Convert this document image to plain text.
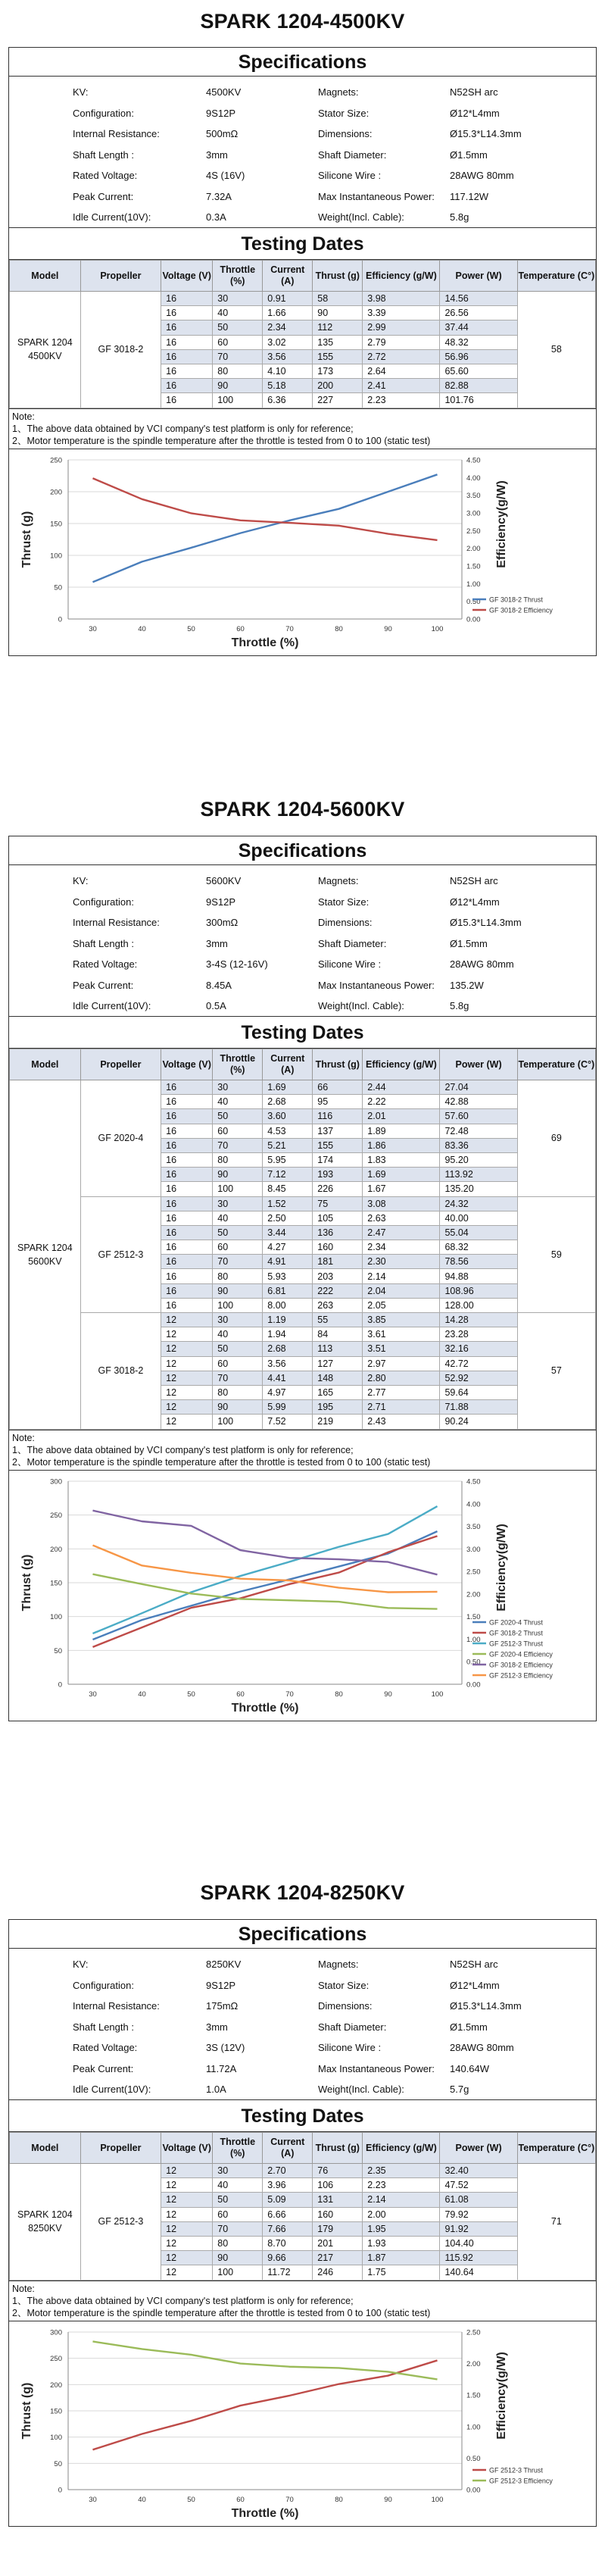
SPARK 1204-4500KV
Specifications
KV:	4500KV	Magnets:	N52SH arc
Configuration:	9S12P	Stator Size:	Ø12*L4mm
Internal Resistance:	500mΩ	Dimensions:	Ø15.3*L14.3mm
Shaft Length :	3mm	Shaft Diameter:	Ø1.5mm
Rated Voltage:	4S (16V)	Silicone Wire :	28AWG 80mm
Peak Current:	7.32A	Max Instantaneous Power: 117.12W
Idle Current(10V):	0.3A	Weight(Incl. Cable):	5.8g
Testing Dates
Model	Propeller	Voltage (V)	Throttle (%)	Current (A)	Thrust (g)	Efficiency (g/W)	Power (W)	Temperature (C°)
SPARK 1204 4500KV	GF 3018-2	16	30	0.91	58	3.98	14.56	58
		16	40	1.66	90	3.39	26.56	
		16	50	2.34	112	2.99	37.44	
		16	60	3.02	135	2.79	48.32	
		16	70	3.56	155	2.72	56.96	
		16	80	4.10	173	2.64	65.60	
		16	90	5.18	200	2.41	82.88	
		16	100	6.36	227	2.23	101.76	
Note:
1、The above data obtained by VCI company's test platform is only for reference;
2、Motor temperature is the spindle temperature after the throttle is tested from 0 to 100 (static test)
0
50
100
150
200
250
0.00
0.50
1.00
1.50
2.00
2.50
3.00
3.50
4.00
4.50
30	40	50	60	70	80	90	100
Throttle (%)
Thrust (g)	Efficiency(g/W)
GF 3018-2 Thrust
GF 3018-2 Efficiency
SPARK 1204-5600KV
Specifications
KV:	5600KV	Magnets:	N52SH arc
Configuration:	9S12P	Stator Size:	Ø12*L4mm
Internal Resistance:	300mΩ	Dimensions:	Ø15.3*L14.3mm
Shaft Length :	3mm	Shaft Diameter:	Ø1.5mm
Rated Voltage:	3-4S (12-16V)	Silicone Wire :	28AWG 80mm
Peak Current:	8.45A	Max Instantaneous Power: 135.2W
Idle Current(10V):	0.5A	Weight(Incl. Cable):	5.8g
Testing Dates
Model	Propeller	Voltage (V)	Throttle (%)	Current (A)	Thrust (g)	Efficiency (g/W)	Power (W)	Temperature (C°)
SPARK 1204 5600KV	GF 2020-4	16	30	1.69	66	2.44	27.04	69
		16	40	2.68	95	2.22	42.88	
		16	50	3.60	116	2.01	57.60	
		16	60	4.53	137	1.89	72.48	
		16	70	5.21	155	1.86	83.36	
		16	80	5.95	174	1.83	95.20	
		16	90	7.12	193	1.69	113.92	
		16	100	8.45	226	1.67	135.20	
	GF 2512-3	16	30	1.52	75	3.08	24.32	59
		16	40	2.50	105	2.63	40.00	
		16	50	3.44	136	2.47	55.04	
		16	60	4.27	160	2.34	68.32	
		16	70	4.91	181	2.30	78.56	
		16	80	5.93	203	2.14	94.88	
		16	90	6.81	222	2.04	108.96	
		16	100	8.00	263	2.05	128.00	
	GF 3018-2	12	30	1.19	55	3.85	14.28	57
		12	40	1.94	84	3.61	23.28	
		12	50	2.68	113	3.51	32.16	
		12	60	3.56	127	2.97	42.72	
		12	70	4.41	148	2.80	52.92	
		12	80	4.97	165	2.77	59.64	
		12	90	5.99	195	2.71	71.88	
		12	100	7.52	219	2.43	90.24	
Note:
1、The above data obtained by VCI company's test platform is only for reference;
2、Motor temperature is the spindle temperature after the throttle is tested from 0 to 100 (static test)
0
50
100
150
200
250
300
0.00
0.50
1.00
1.50
2.00
2.50
3.00
3.50
4.00
4.50
30	40	50	60	70	80	90	100
Throttle (%)
Thrust (g)	Efficiency(g/W)
GF 2020-4 Thrust
GF 3018-2 Thrust
GF 2512-3 Thrust
GF 2020-4 Efficiency
GF 3018-2 Efficiency
GF 2512-3 Efficiency
SPARK 1204-8250KV
Specifications
KV:	8250KV	Magnets:	N52SH arc
Configuration:	9S12P	Stator Size:	Ø12*L4mm
Internal Resistance:	175mΩ	Dimensions:	Ø15.3*L14.3mm
Shaft Length :	3mm	Shaft Diameter:	Ø1.5mm
Rated Voltage:	3S (12V)	Silicone Wire :	28AWG 80mm
Peak Current:	11.72A	Max Instantaneous Power: 140.64W
Idle Current(10V):	1.0A	Weight(Incl. Cable):	5.7g
Testing Dates
Model	Propeller	Voltage (V)	Throttle (%)	Current (A)	Thrust (g)	Efficiency (g/W)	Power (W)	Temperature (C°)
SPARK 1204 8250KV	GF 2512-3	12	30	2.70	76	2.35	32.40	71
		12	40	3.96	106	2.23	47.52	
		12	50	5.09	131	2.14	61.08	
		12	60	6.66	160	2.00	79.92	
		12	70	7.66	179	1.95	91.92	
		12	80	8.70	201	1.93	104.40	
		12	90	9.66	217	1.87	115.92	
		12	100	11.72	246	1.75	140.64	
Note:
1、The above data obtained by VCI company's test platform is only for reference;
2、Motor temperature is the spindle temperature after the throttle is tested from 0 to 100 (static test)
0
50
100
150
200
250
300
0.00
0.50
1.00
1.50
2.00
2.50
30	40	50	60	70	80	90	100
Throttle (%)
Thrust (g)	Efficiency(g/W)
GF 2512-3 Thrust
GF 2512-3 Efficiency
